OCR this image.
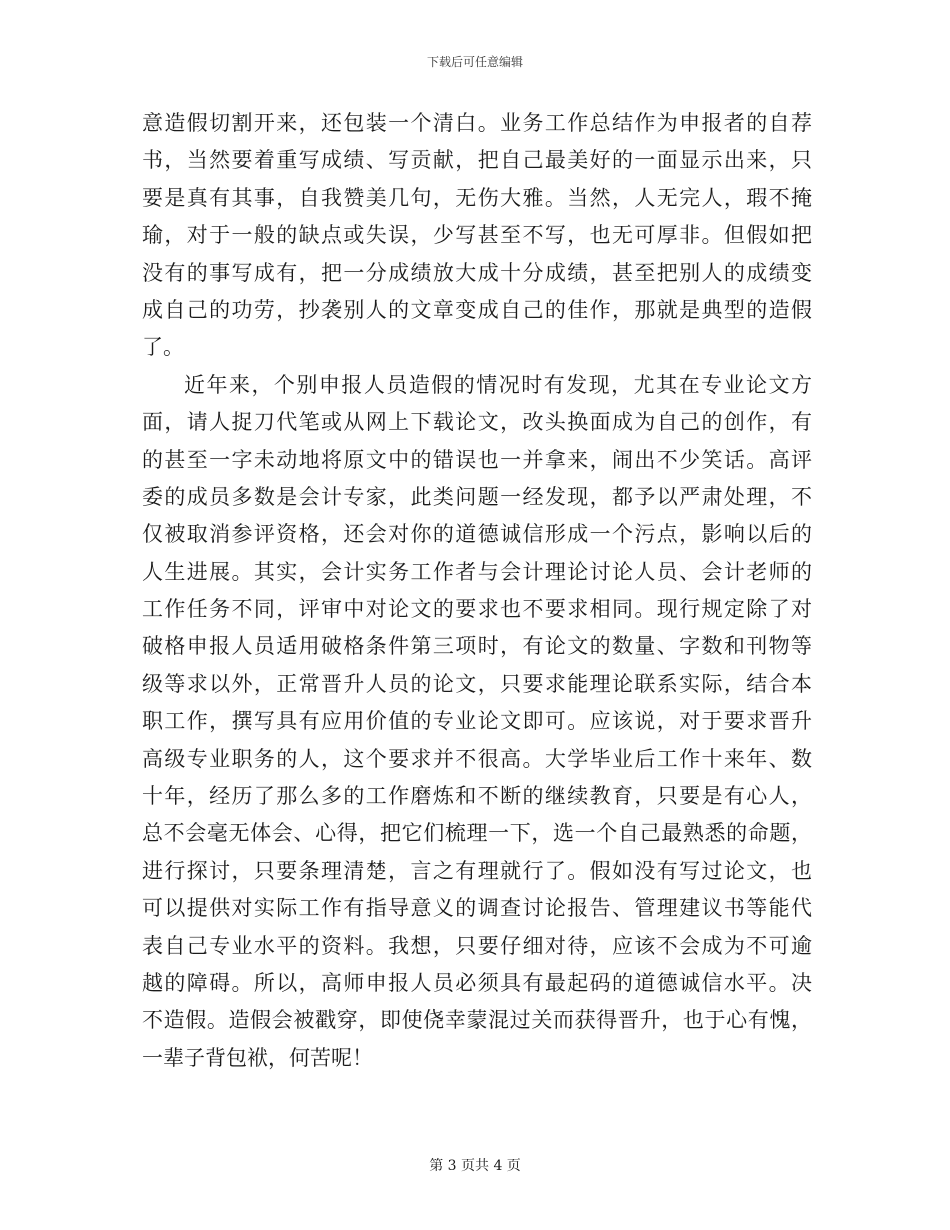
下载后可任意编辑
意造假切割开来，还包装一个清白。业务工作总结作为申报者的自荐
书，当然要着重写成绩、写贡献，把自己最美好的一面显示出来，只
要是真有其事，自我赞美几句，无伤大雅。当然，人无完人，瑕不掩
瑜，对于一般的缺点或失误，少写甚至不写，也无可厚非。但假如把
没有的事写成有，把一分成绩放大成十分成绩，甚至把别人的成绩变
成自己的功劳，抄袭别人的文章变成自己的佳作，那就是典型的造假
了。
近年来，个别申报人员造假的情况时有发现，尤其在专业论文方
面，请人捉刀代笔或从网上下载论文，改头换面成为自己的创作，有
的甚至一字未动地将原文中的错误也一并拿来，闹出不少笑话。高评
委的成员多数是会计专家，此类问题一经发现，都予以严肃处理，不
仅被取消参评资格，还会对你的道德诚信形成一个污点，影响以后的
人生进展。其实，会计实务工作者与会计理论讨论人员、会计老师的
工作任务不同，评审中对论文的要求也不要求相同。现行规定除了对
破格申报人员适用破格条件第三项时，有论文的数量、字数和刊物等
级等求以外，正常晋升人员的论文，只要求能理论联系实际，结合本
职工作，撰写具有应用价值的专业论文即可。应该说，对于要求晋升
高级专业职务的人，这个要求并不很高。大学毕业后工作十来年、数
十年，经历了那么多的工作磨炼和不断的继续教育，只要是有心人，
总不会毫无体会、心得，把它们梳理一下，选一个自己最熟悉的命题，
进行探讨，只要条理清楚，言之有理就行了。假如没有写过论文，也
可以提供对实际工作有指导意义的调查讨论报告、管理建议书等能代
表自己专业水平的资料。我想，只要仔细对待，应该不会成为不可逾
越的障碍。所以，高师申报人员必须具有最起码的道德诚信水平。决
不造假。造假会被戳穿，即使侥幸蒙混过关而获得晋升，也于心有愧，
一辈子背包袱，何苦呢！
第 3 页共 4 页
